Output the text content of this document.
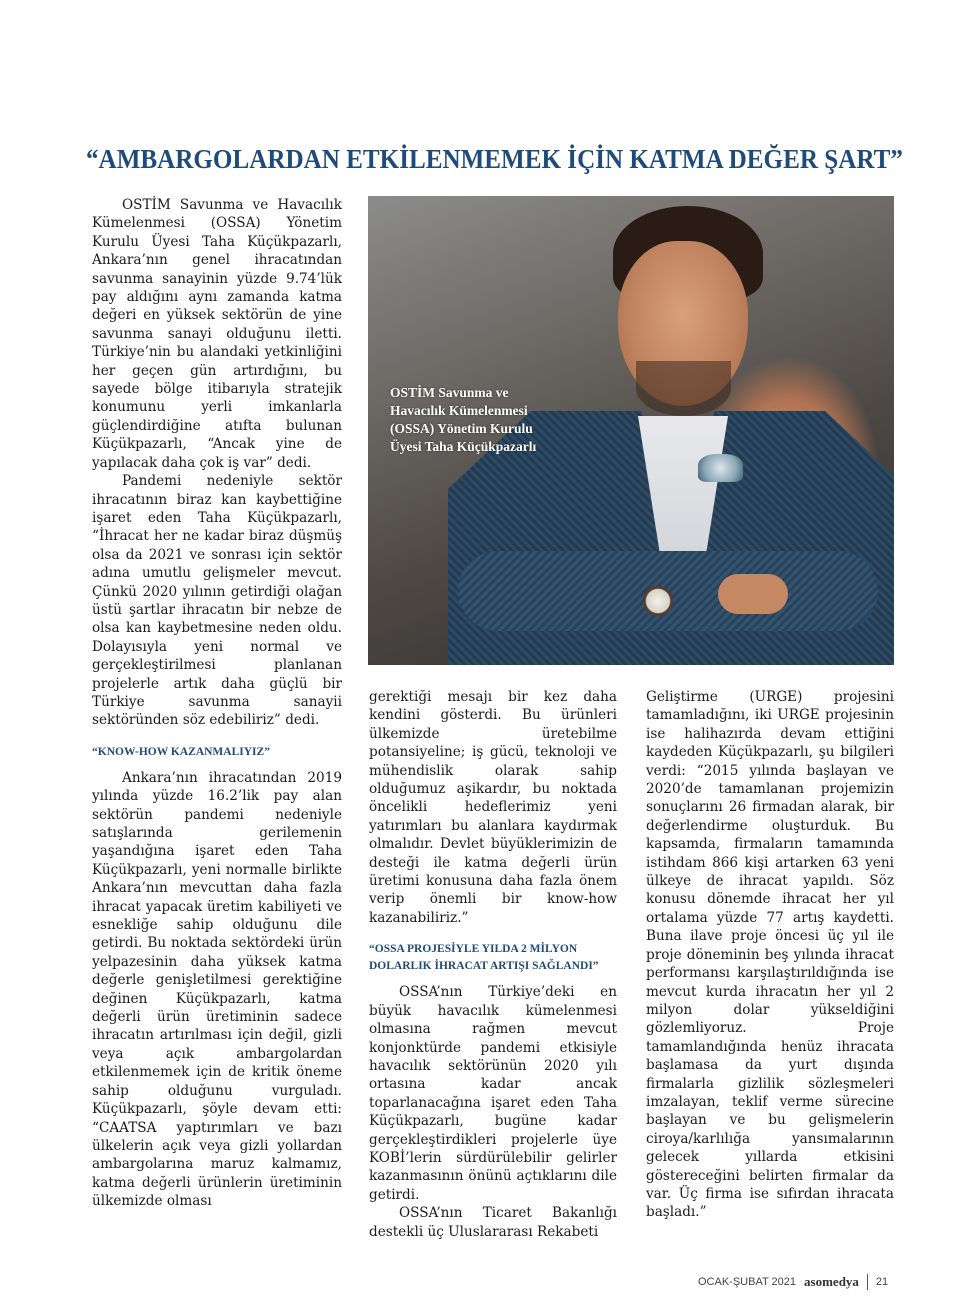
“AMBARGOLARDAN ETKİLENMEMEK İÇİN KATMA DEĞER ŞART”

OSTİM Savunma ve Havacılık Kümelenmesi (OSSA) Yönetim Kurulu Üyesi Taha Küçükpazarlı, Ankara’nın genel ihracatından savunma sanayinin yüzde 9.74’lük pay aldığını aynı zamanda katma değeri en yüksek sektörün de yine savunma sanayi olduğunu iletti. Türkiye’nin bu alandaki yetkinliğini her geçen gün artırdığını, bu sayede bölge itibarıyla stratejik konumunu yerli imkanlarla güçlendirdiğine atıfta bulunan Küçükpazarlı, “Ancak yine de yapılacak daha çok iş var” dedi.

Pandemi nedeniyle sektör ihracatının biraz kan kaybettiğine işaret eden Taha Küçükpazarlı, “İhracat her ne kadar biraz düşmüş olsa da 2021 ve sonrası için sektör adına umutlu gelişmeler mevcut. Çünkü 2020 yılının getirdiği olağan üstü şartlar ihracatın bir nebze de olsa kan kaybetmesine neden oldu. Dolayısıyla yeni normal ve gerçekleştirilmesi planlanan projelerle artık daha güçlü bir Türkiye savunma sanayii sektöründen söz edebiliriz” dedi.

“KNOW-HOW KAZANMALIYIZ”

Ankara’nın ihracatından 2019 yılında yüzde 16.2’lik pay alan sektörün pandemi nedeniyle satışlarında gerilemenin yaşandığına işaret eden Taha Küçükpazarlı, yeni normalle birlikte Ankara’nın mevcuttan daha fazla ihracat yapacak üretim kabiliyeti ve esnekliğe sahip olduğunu dile getirdi. Bu noktada sektördeki ürün yelpazesinin daha yüksek katma değerle genişletilmesi gerektiğine değinen Küçükpazarlı, katma değerli ürün üretiminin sadece ihracatın artırılması için değil, gizli veya açık ambargolardan etkilenmemek için de kritik öneme sahip olduğunu vurguladı. Küçükpazarlı, şöyle devam etti: “CAATSA yaptırımları ve bazı ülkelerin açık veya gizli yollardan ambargolarına maruz kalmamız, katma değerli ürünlerin üretiminin ülkemizde olması

OSTİM Savunma ve Havacılık Kümelenmesi (OSSA) Yönetim Kurulu Üyesi Taha Küçükpazarlı

gerektiği mesajı bir kez daha kendini gösterdi. Bu ürünleri ülkemizde üretebilme potansiyeline; iş gücü, teknoloji ve mühendislik olarak sahip olduğumuz aşikardır, bu noktada öncelikli hedeflerimiz yeni yatırımları bu alanlara kaydırmak olmalıdır. Devlet büyüklerimizin de desteği ile katma değerli ürün üretimi konusuna daha fazla önem verip önemli bir know-how kazanabiliriz.”

“OSSA PROJESİYLE YILDA 2 MİLYON DOLARLIK İHRACAT ARTIŞI SAĞLANDI”

OSSA’nın Türkiye’deki en büyük havacılık kümelenmesi olmasına rağmen mevcut konjonktürde pandemi etkisiyle havacılık sektörünün 2020 yılı ortasına kadar ancak toparlanacağına işaret eden Taha Küçükpazarlı, bugüne kadar gerçekleştirdikleri projelerle üye KOBİ’lerin sürdürülebilir gelirler kazanmasının önünü açtıklarını dile getirdi.

OSSA’nın Ticaret Bakanlığı destekli üç Uluslararası Rekabeti

Geliştirme (URGE) projesini tamamladığını, iki URGE projesinin ise halihazırda devam ettiğini kaydeden Küçükpazarlı, şu bilgileri verdi: “2015 yılında başlayan ve 2020’de tamamlanan projemizin sonuçlarını 26 firmadan alarak, bir değerlendirme oluşturduk. Bu kapsamda, firmaların tamamında istihdam 866 kişi artarken 63 yeni ülkeye de ihracat yapıldı. Söz konusu dönemde ihracat her yıl ortalama yüzde 77 artış kaydetti. Buna ilave proje öncesi üç yıl ile proje döneminin beş yılında ihracat performansı karşılaştırıldığında ise mevcut kurda ihracatın her yıl 2 milyon dolar yükseldiğini gözlemliyoruz. Proje tamamlandığında henüz ihracata başlamasa da yurt dışında firmalarla gizlilik sözleşmeleri imzalayan, teklif verme sürecine başlayan ve bu gelişmelerin ciroya/karlılığa yansımalarının gelecek yıllarda etkisini göstereceğini belirten firmalar da var. Üç firma ise sıfırdan ihracata başladı.”

OCAK-ŞUBAT 2021 asomedya 21
